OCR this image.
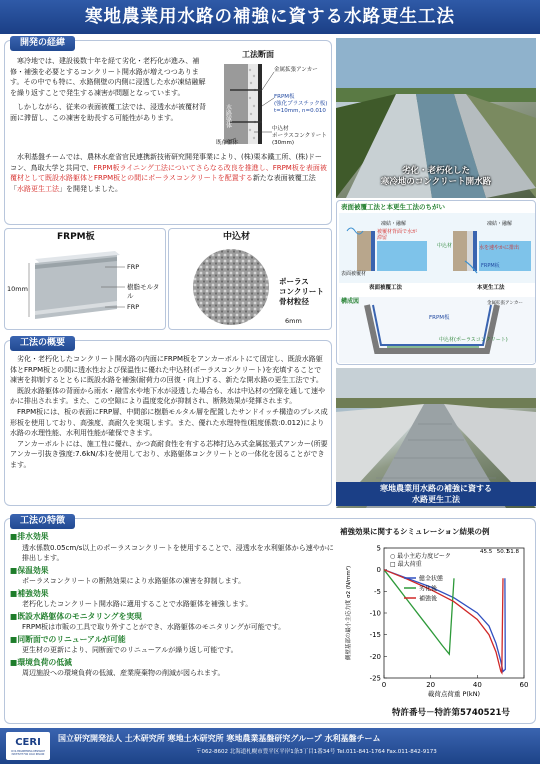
寒地農業用水路の補強に資する水路更生工法
開発の経緯

寒冷地では、建設後数十年を経て劣化・老朽化が進み、補修・補強を必要とするコンクリート開水路が増えつつあります。その中でも特に、水路側壁の内側に浸透した水が凍結融解を繰り返すことで発生する凍害が問題となっています。

しかしながら、従来の表面被覆工法では、浸透水が被覆材背面に滞留し、この凍害を助長する可能性があります。

水利基盤チームでは、農林水産省官民連携新技術研究開発事業により、(株)栗本鐵工所、(株)ドーコン、鳥取大学と共同で、FRPM板ライニング工法についてさらなる改良を推進し、FRPM板を表面被覆材として既設水路躯体とFRPM板との間にポーラスコンクリートを配置する新たな表面被覆工法「水路更生工法」を開発しました。

工法断面
水路躯体
金属拡張アンカー
FRPM板
(強化プラスチック板)
t=10mm, n=0.010
中込材
ポーラスコンクリート
(30mm)
既存躯体
劣化・老朽化した
寒冷地のコンクリート開水路
FRPM板
FRP
樹脂モルタル
FRP
10mm
中込材
ポーラス
コンクリート
骨材粒径
6mm
表面被覆工法と本更生工法のちがい
凍結・融解
被覆材背面で水が滞留
表面被覆材
表面被覆工法
凍結・融解
中込材	水を速やかに排出
FRPM板
本更生工法
構成図
FRPM板
中込材(ポーラスコンクリート)
金属拡張アンカー
工法の概要

劣化・老朽化したコンクリート開水路の内面にFRPM板をアンカーボルトにて固定し、既設水路躯体とFRPM板との間に透水性および保温性に優れた中込材(ポーラスコンクリート)を充填することで凍害を抑制するとともに既設水路を補強(耐荷力の回復・向上)する、新たな開水路の更生工法です。

既設水路躯体の背面から雨水・融雪水や地下水が浸透した場合も、水は中込材の空隙を通して速やかに排出されます。また、この空隙により温度変化が抑制され、断熱効果が発揮されます。

FRPM板には、板の表面にFRP層、中間部に樹脂モルタル層を配置したサンドイッチ構造のプレス成形板を使用しており、高強度、高耐久を実現します。また、優れた水理特性(粗度係数:0.012)により水路の水理性能、水利用性能が確保できます。

アンカーボルトには、施工性に優れ、かつ高耐食性を有する芯棒打込み式金属拡張式アンカー(所要アンカー引抜き強度:7.6kN/本)を使用しており、水路躯体コンクリートとの一体化を図ることができます。

寒地農業用水路の補強に資する
水路更生工法
工法の特徴
■排水効果
透水係数0.05cm/s以上のポーラスコンクリートを使用することで、浸透水を水利躯体から速やかに排出します。
■保温効果
ポーラスコンクリートの断熱効果により水路躯体の凍害を抑制します。
■補強効果
老朽化したコンクリート開水路に適用することで水路躯体を補強します。
■既設水路躯体のモニタリングを実現
FRPM板は市販の工具で取り外すことができ、水路躯体のモニタリングが可能です。
■同断面でのリニューアルが可能
更生材の更新により、同断面でのリニューアルが繰り返し可能です。
■環境負荷の低減
周辺施設への環境負荷の低減、産業廃棄物の削減が図られます。
補強効果に関するシミュレーション結果の例
5
0
-5
-10
-15
-20
-25
0	20	40	60
載荷点荷重 P(kN)
側壁基部の最小主応力度 σ2 (N/mm²)
○ 最小主応力度ピーク
□ 最大荷重
健全状態
劣化後
補強後
45.5 50.1
51.8
特許番号－特許第5740521号
CERI
CIVIL ENGINEERING RESEARCH INSTITUTE FOR COLD REGION
国立研究開発法人 土木研究所 寒地土木研究所 寒地農業基盤研究グループ 水利基盤チーム
〒062-8602 北海道札幌市豊平区平岸1条3丁目1番34号 Tel.011-841-1764 Fax.011-842-9173
